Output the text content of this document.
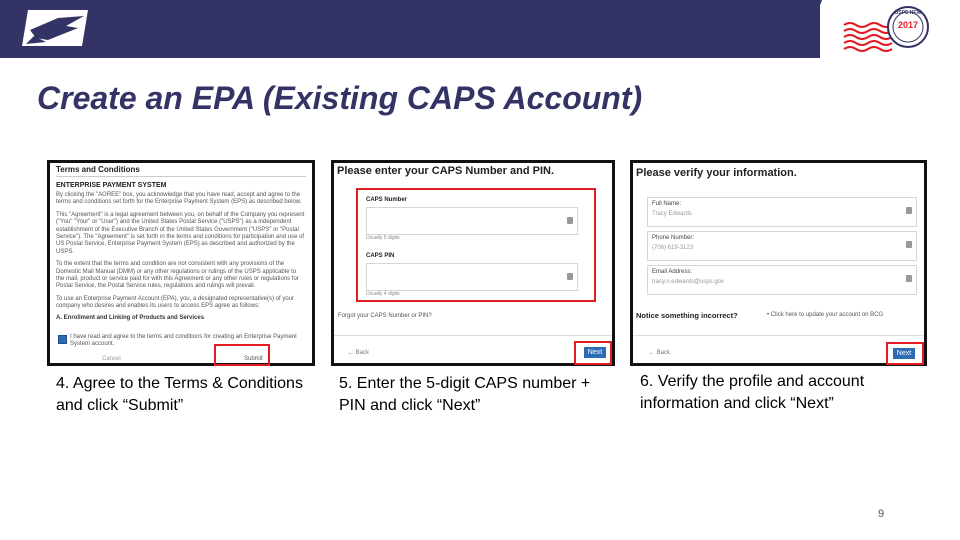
2017
USPS NEW
Create an EPA (Existing CAPS Account)
Terms and Conditions
ENTERPRISE PAYMENT SYSTEM
By clicking the "AGREE" box, you acknowledge that you have read, accept and agree to the terms and conditions set forth for the Enterprise Payment System (EPS) as described below.
This "Agreement" is a legal agreement between you, on behalf of the Company you represent ("You" "Your" or "User") and the United States Postal Service ("USPS") as a independent establishment of the Executive Branch of the United States Government ("USPS" or "Postal Service"). The "Agreement" is set forth in the terms and conditions for participation and use of US Postal Service, Enterprise Payment System (EPS) as described and authorized by the USPS.
To the extent that the terms and condition are not consistent with any provisions of the Domestic Mail Manual (DMM) or any other regulations or rulings of the USPS applicable to the mail, product or service paid for with this Agreement or any other rules or regulations for Postal Service, the Postal Service rules, regulations and rulings will prevail.
To use an Enterprise Payment Account (EPA), you, a designated representative(s) of your company who desires and enables its users to access EPS agree as follows:
A. Enrollment and Linking of Products and Services
I have read and agree to the terms and conditions for creating an Enterprise Payment System account.
Cancel	Submit
Please enter your CAPS Number and PIN.
CAPS Number
Usually 5 digits
CAPS PIN
Usually 4 digits
Forgot your CAPS Number or PIN?
← Back	Next
Please verify your information.
Full Name:
Tracy Edwards
Phone Number:
(706) 619-3123
Email Address:
tracy.n.edwards@usps.gov
Notice something incorrect?	• Click here to update your account on BCG
← Back	Next
4. Agree to the Terms & Conditions and click “Submit”
5. Enter the 5-digit CAPS number + PIN and click “Next”
6. Verify the profile and account information and click “Next”
9
